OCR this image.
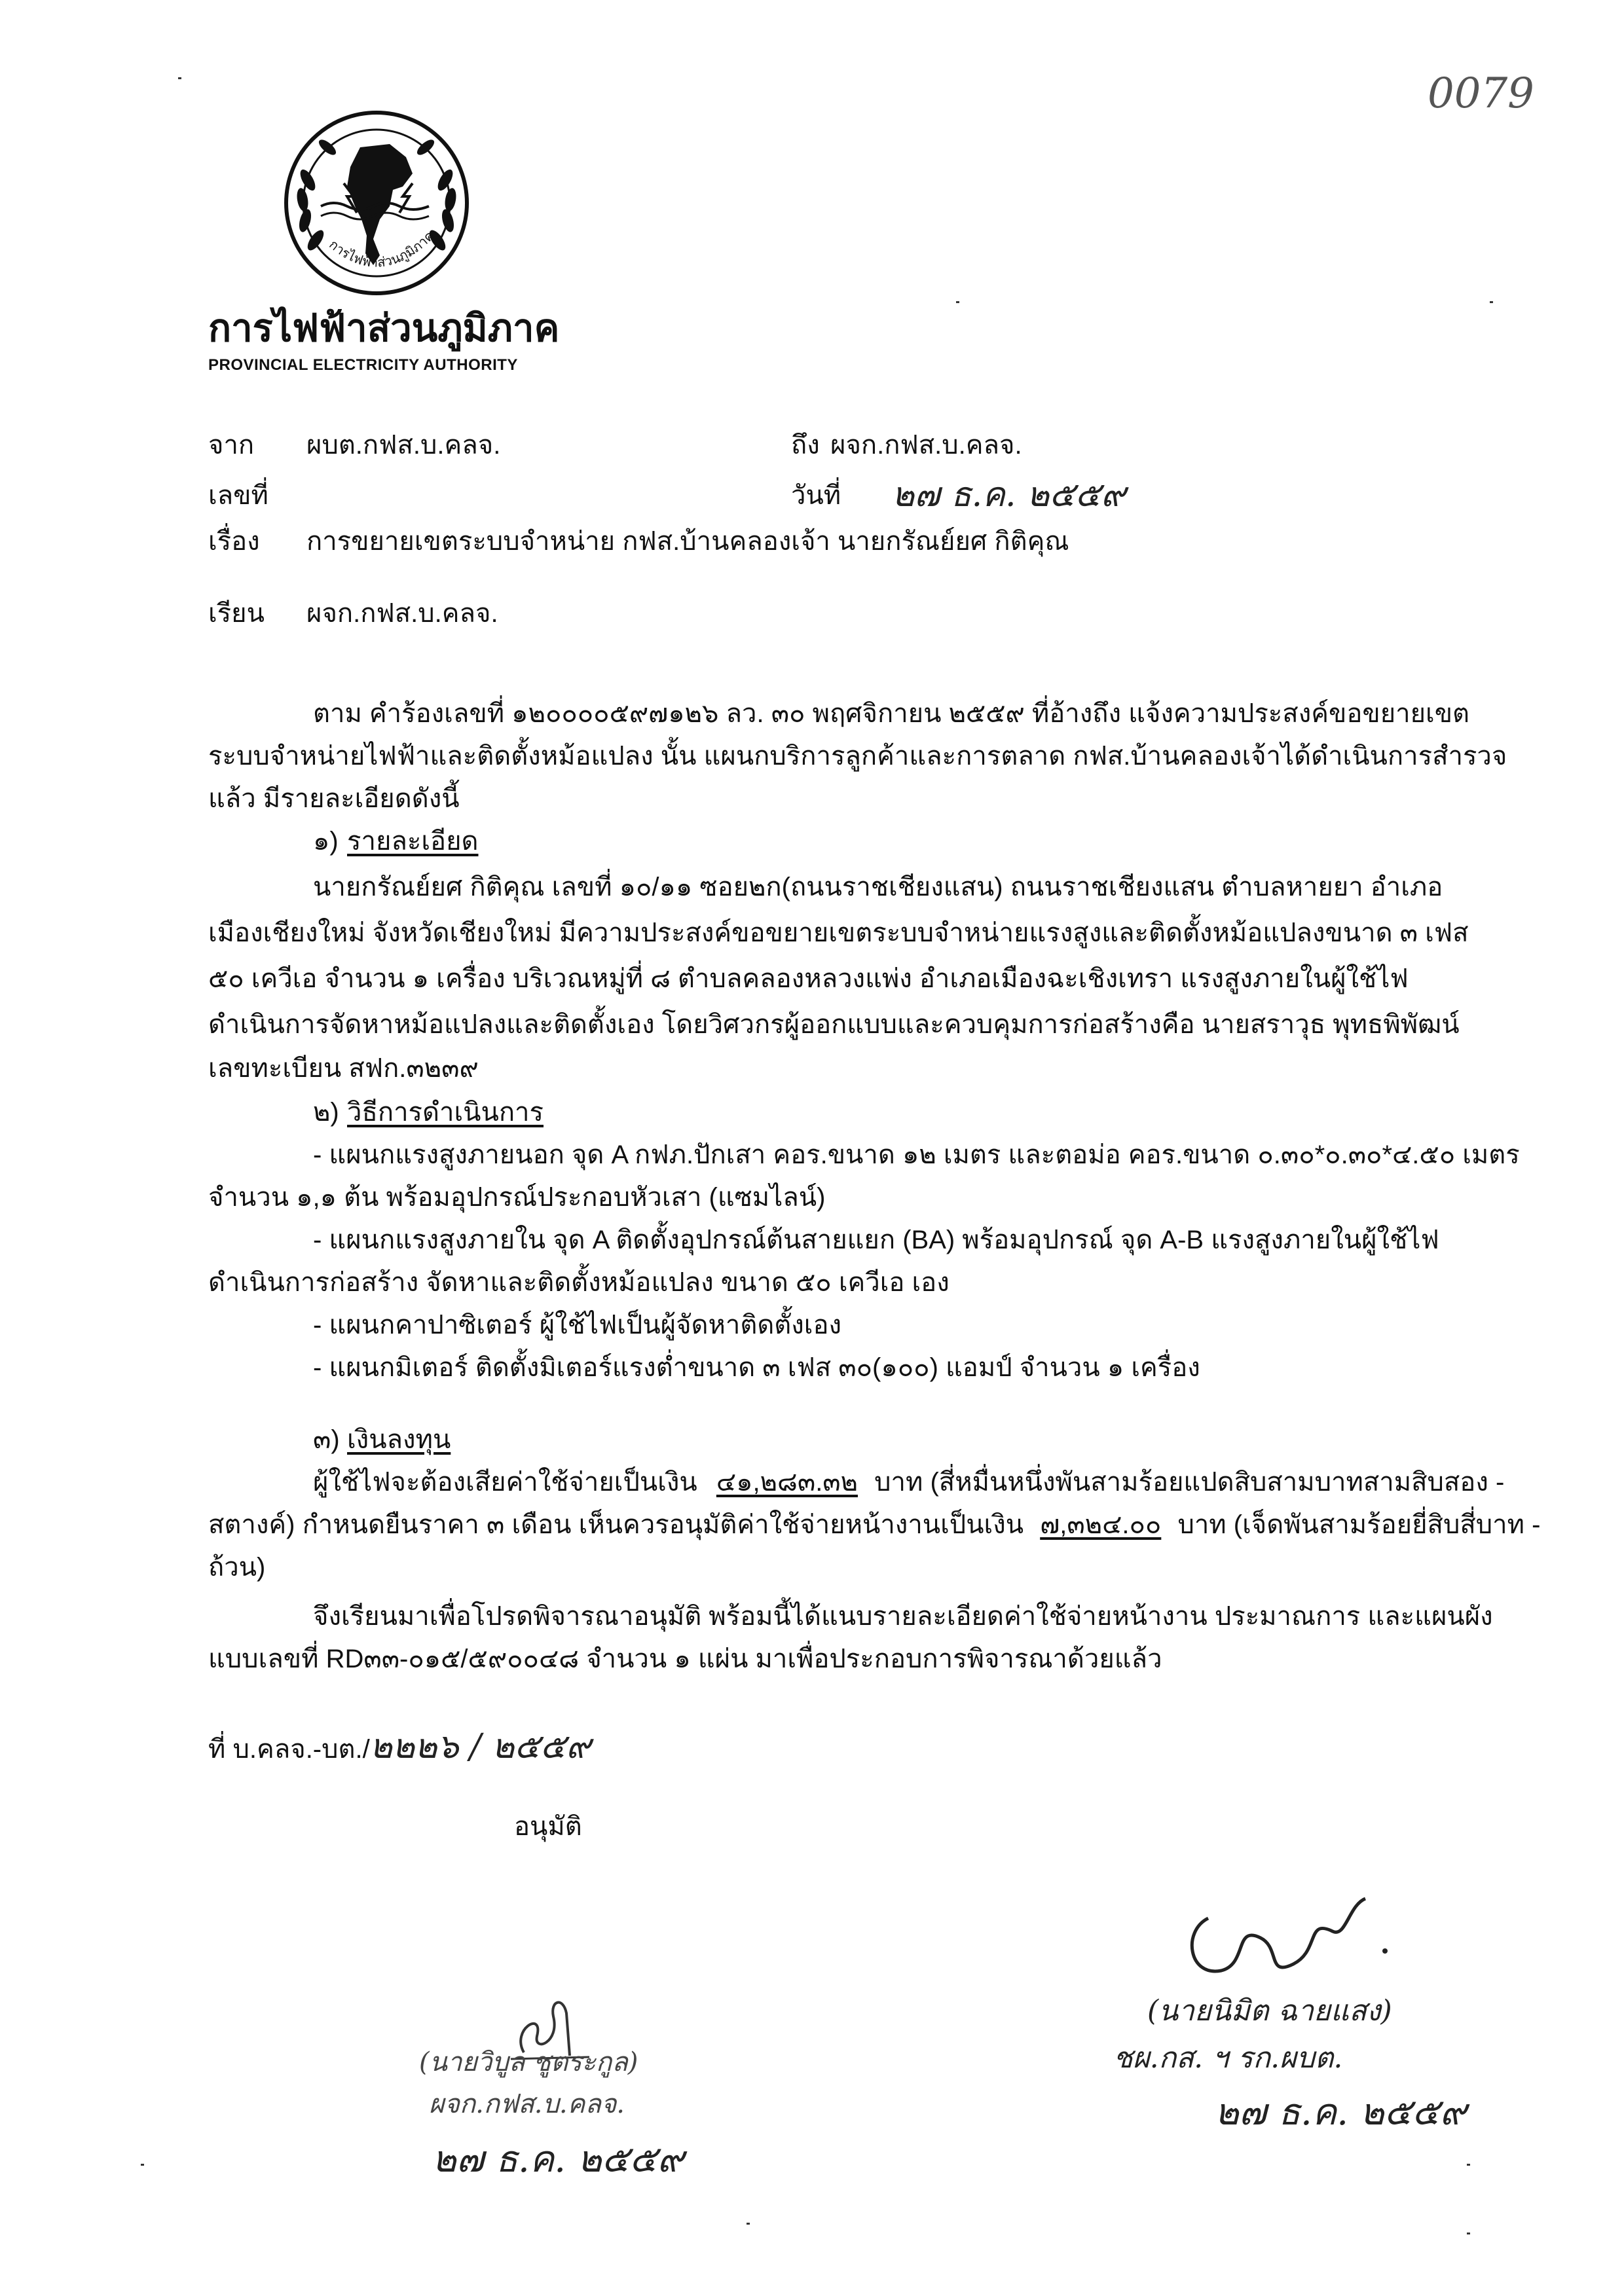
0079
การไฟฟ้าส่วนภูมิภาค
การไฟฟ้าส่วนภูมิภาค
PROVINCIAL ELECTRICITY AUTHORITY
จาก ผบต.กฟส.บ.คลจ.	ถึง ผจก.กฟส.บ.คลจ.
เลขที่	วันที่ ๒๗ ธ.ค. ๒๕๕๙
เรื่อง การขยายเขตระบบจำหน่าย กฟส.บ้านคลองเจ้า นายกรัณย์ยศ กิติคุณ
เรียน ผจก.กฟส.บ.คลจ.
ตาม คำร้องเลขที่ ๑๒๐๐๐๐๕๙๗๑๒๖ ลว. ๓๐ พฤศจิกายน ๒๕๕๙ ที่อ้างถึง แจ้งความประสงค์ขอขยายเขต
ระบบจำหน่ายไฟฟ้าและติดตั้งหม้อแปลง นั้น แผนกบริการลูกค้าและการตลาด กฟส.บ้านคลองเจ้าได้ดำเนินการสำรวจ
แล้ว มีรายละเอียดดังนี้
๑) รายละเอียด
นายกรัณย์ยศ กิติคุณ เลขที่ ๑๐/๑๑ ซอย๒ก(ถนนราชเชียงแสน) ถนนราชเชียงแสน ตำบลหายยา อำเภอ
เมืองเชียงใหม่ จังหวัดเชียงใหม่ มีความประสงค์ขอขยายเขตระบบจำหน่ายแรงสูงและติดตั้งหม้อแปลงขนาด ๓ เฟส
๕๐ เควีเอ จำนวน ๑ เครื่อง บริเวณหมู่ที่ ๘ ตำบลคลองหลวงแพ่ง อำเภอเมืองฉะเชิงเทรา แรงสูงภายในผู้ใช้ไฟ
ดำเนินการจัดหาหม้อแปลงและติดตั้งเอง โดยวิศวกรผู้ออกแบบและควบคุมการก่อสร้างคือ นายสราวุธ พุทธพิพัฒน์
เลขทะเบียน สฟก.๓๒๓๙
๒) วิธีการดำเนินการ
- แผนกแรงสูงภายนอก จุด A กฟภ.ปักเสา คอร.ขนาด ๑๒ เมตร และตอม่อ คอร.ขนาด ๐.๓๐*๐.๓๐*๔.๕๐ เมตร
จำนวน ๑,๑ ต้น พร้อมอุปกรณ์ประกอบหัวเสา (แซมไลน์)
- แผนกแรงสูงภายใน จุด A ติดตั้งอุปกรณ์ต้นสายแยก (BA) พร้อมอุปกรณ์ จุด A-B แรงสูงภายในผู้ใช้ไฟ
ดำเนินการก่อสร้าง จัดหาและติดตั้งหม้อแปลง ขนาด ๕๐ เควีเอ เอง
- แผนกคาปาซิเตอร์ ผู้ใช้ไฟเป็นผู้จัดหาติดตั้งเอง
- แผนกมิเตอร์ ติดตั้งมิเตอร์แรงต่ำขนาด ๓ เฟส ๓๐(๑๐๐) แอมป์ จำนวน ๑ เครื่อง
๓) เงินลงทุน
ผู้ใช้ไฟจะต้องเสียค่าใช้จ่ายเป็นเงิน ๔๑,๒๘๓.๓๒ บาท (สี่หมื่นหนึ่งพันสามร้อยแปดสิบสามบาทสามสิบสอง -
สตางค์) กำหนดยืนราคา ๓ เดือน เห็นควรอนุมัติค่าใช้จ่ายหน้างานเป็นเงิน ๗,๓๒๔.๐๐ บาท (เจ็ดพันสามร้อยยี่สิบสี่บาท -
ถ้วน)
จึงเรียนมาเพื่อโปรดพิจารณาอนุมัติ พร้อมนี้ได้แนบรายละเอียดค่าใช้จ่ายหน้างาน ประมาณการ และแผนผัง
แบบเลขที่ RD๓๓-๐๑๕/๕๙๐๐๔๘ จำนวน ๑ แผ่น มาเพื่อประกอบการพิจารณาด้วยแล้ว
ที่ บ.คลจ.-บต./๒๒๒๖ / ๒๕๕๙
อนุมัติ
(นายวิบูล ชูตระกูล)
ผจก.กฟส.บ.คลจ.
๒๗ ธ.ค. ๒๕๕๙
(นายนิมิต ฉายแสง)
ชผ.กส. ฯ รก.ผบต.
๒๗ ธ.ค. ๒๕๕๙
